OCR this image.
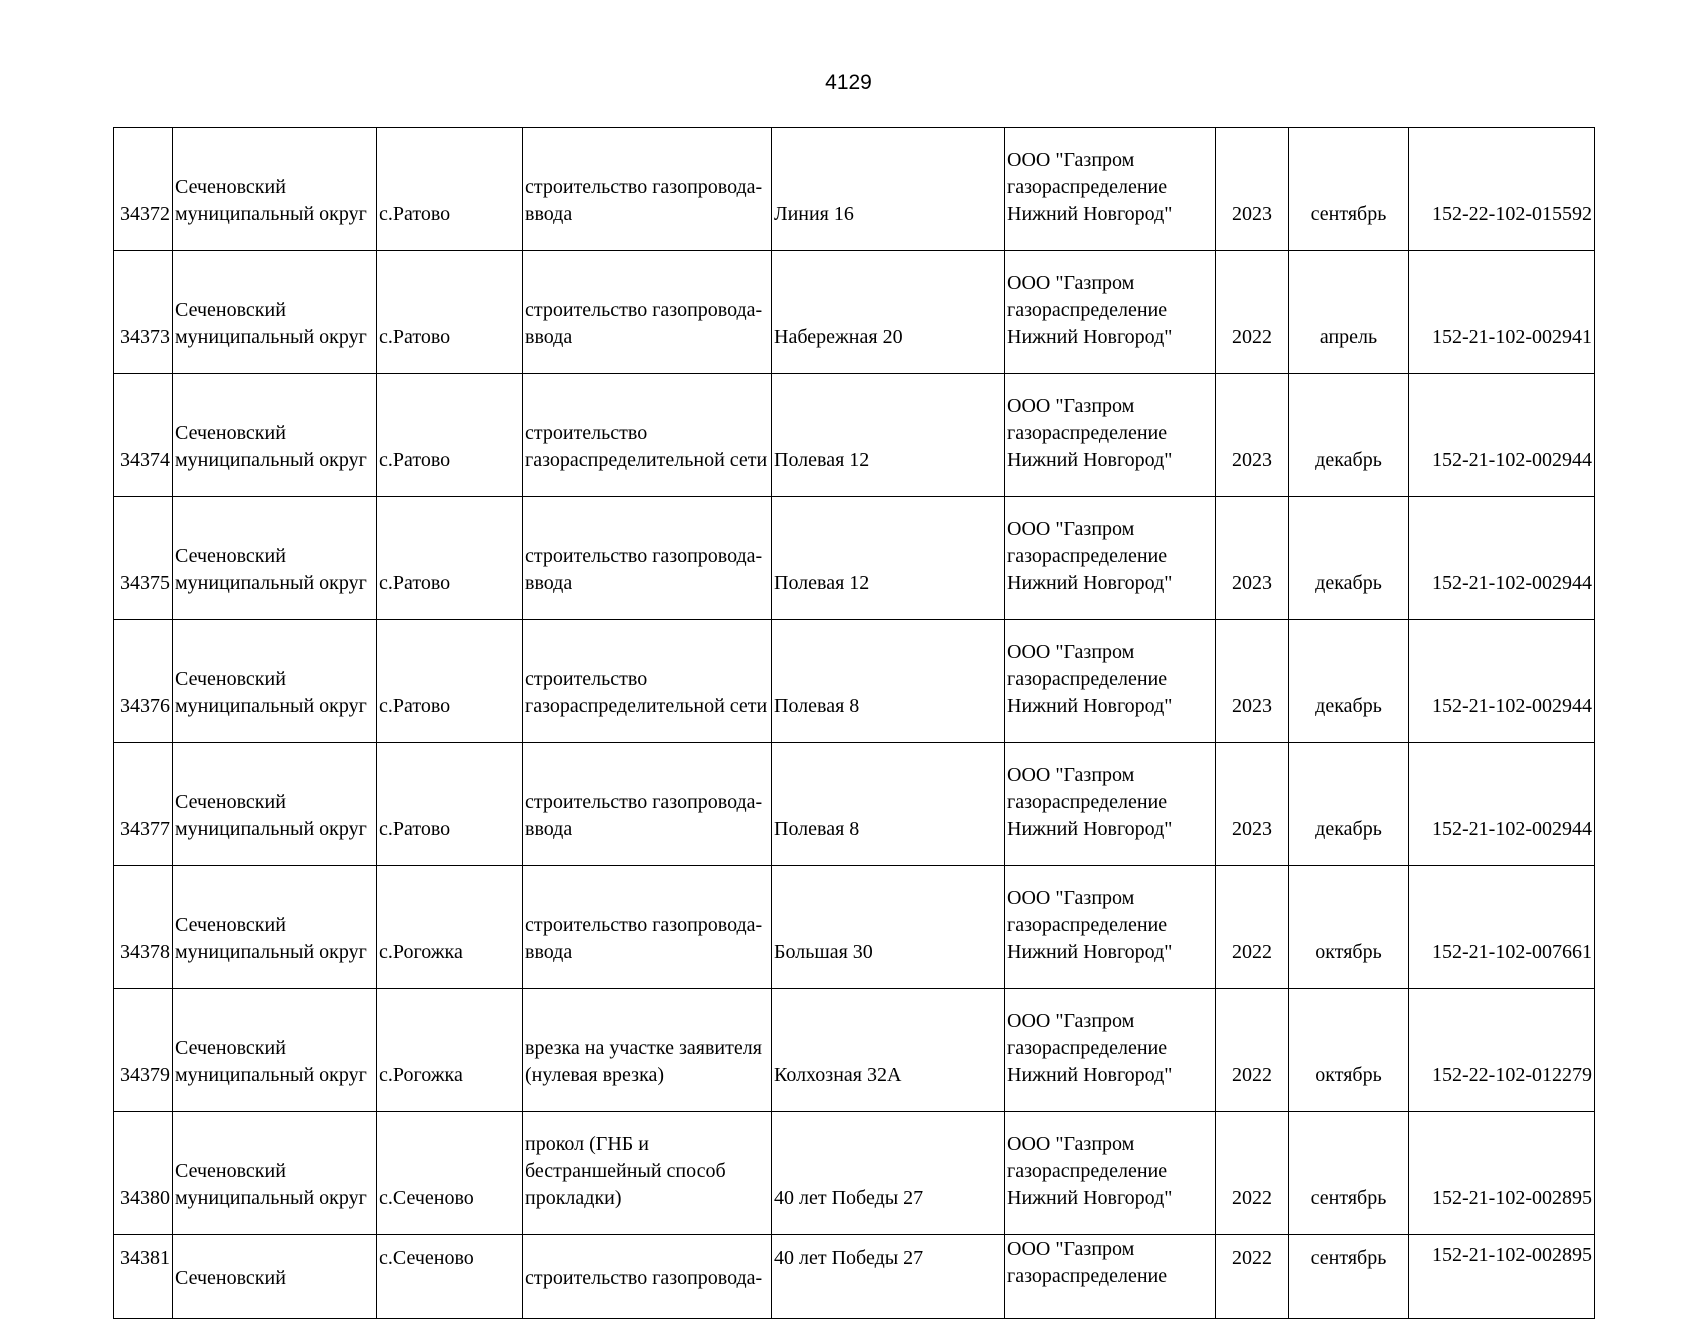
4129
34372	Сеченовский
муниципальный округ	с.Ратово	строительство газопровода-
ввода	Линия 16	ООО "Газпром
газораспределение
Нижний Новгород"	2023	сентябрь	152-22-102-015592
34373	Сеченовский
муниципальный округ	с.Ратово	строительство газопровода-
ввода	Набережная 20	ООО "Газпром
газораспределение
Нижний Новгород"	2022	апрель	152-21-102-002941
34374	Сеченовский
муниципальный округ	с.Ратово	строительство
газораспределительной сети	Полевая 12	ООО "Газпром
газораспределение
Нижний Новгород"	2023	декабрь	152-21-102-002944
34375	Сеченовский
муниципальный округ	с.Ратово	строительство газопровода-
ввода	Полевая 12	ООО "Газпром
газораспределение
Нижний Новгород"	2023	декабрь	152-21-102-002944
34376	Сеченовский
муниципальный округ	с.Ратово	строительство
газораспределительной сети	Полевая 8	ООО "Газпром
газораспределение
Нижний Новгород"	2023	декабрь	152-21-102-002944
34377	Сеченовский
муниципальный округ	с.Ратово	строительство газопровода-
ввода	Полевая 8	ООО "Газпром
газораспределение
Нижний Новгород"	2023	декабрь	152-21-102-002944
34378	Сеченовский
муниципальный округ	с.Рогожка	строительство газопровода-
ввода	Большая 30	ООО "Газпром
газораспределение
Нижний Новгород"	2022	октябрь	152-21-102-007661
34379	Сеченовский
муниципальный округ	с.Рогожка	врезка на участке заявителя
(нулевая врезка)	Колхозная 32А	ООО "Газпром
газораспределение
Нижний Новгород"	2022	октябрь	152-22-102-012279
34380	Сеченовский
муниципальный округ	с.Сеченово	прокол (ГНБ и
бестраншейный способ
прокладки)	40 лет Победы 27	ООО "Газпром
газораспределение
Нижний Новгород"	2022	сентябрь	152-21-102-002895
34381	Сеченовский	с.Сеченово	строительство газопровода-	40 лет Победы 27	ООО "Газпром
газораспределение	2022	сентябрь	152-21-102-002895
